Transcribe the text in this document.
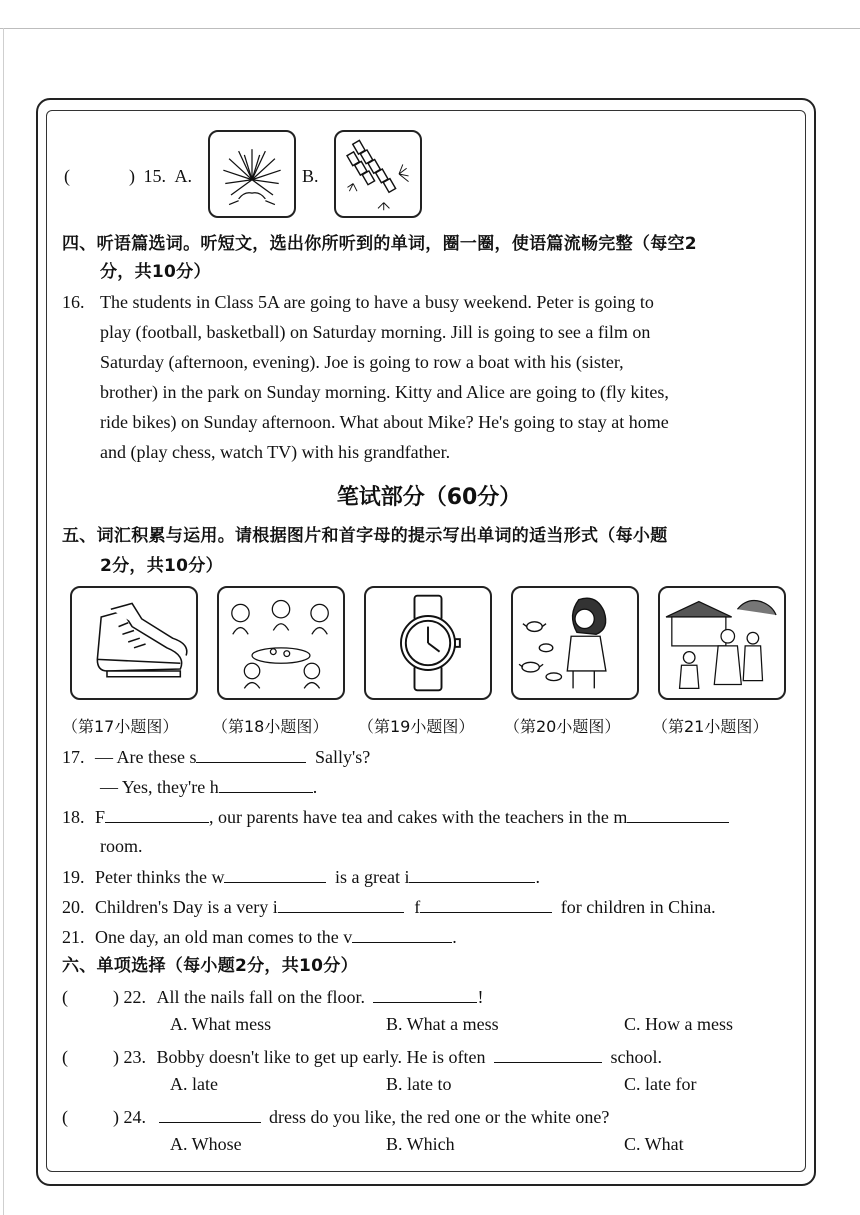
(	) 15. A.	B.
四、听语篇选词。听短文，选出你所听到的单词，圈一圈，使语篇流畅完整（每空2
分，共10分）
16. The students in Class 5A are going to have a busy weekend. Peter is going to
play (football, basketball) on Saturday morning. Jill is going to see a film on
Saturday (afternoon, evening). Joe is going to row a boat with his (sister,
brother) in the park on Sunday morning. Kitty and Alice are going to (fly kites,
ride bikes) on Sunday afternoon. What about Mike? He's going to stay at home
and (play chess, watch TV) with his grandfather.
笔试部分（60分）
五、词汇积累与运用。请根据图片和首字母的提示写出单词的适当形式（每小题
2分，共10分）
（第17小题图） （第18小题图） （第19小题图） （第20小题图） （第21小题图）
17. — Are these s	Sally's?
— Yes, they're h	.
18. F	, our parents have tea and cakes with the teachers in the m
room.
19. Peter thinks the w	is a great i	.
20. Children's Day is a very i	f	for children in China.
21. One day, an old man comes to the v	.
六、单项选择（每小题2分，共10分）
(	) 22. All the nails fall on the floor.	!
A. What mess	B. What a mess	C. How a mess
(	) 23. Bobby doesn't like to get up early. He is often	school.
A. late	B. late to	C. late for
(	) 24.	dress do you like, the red one or the white one?
A. Whose	B. Which	C. What
